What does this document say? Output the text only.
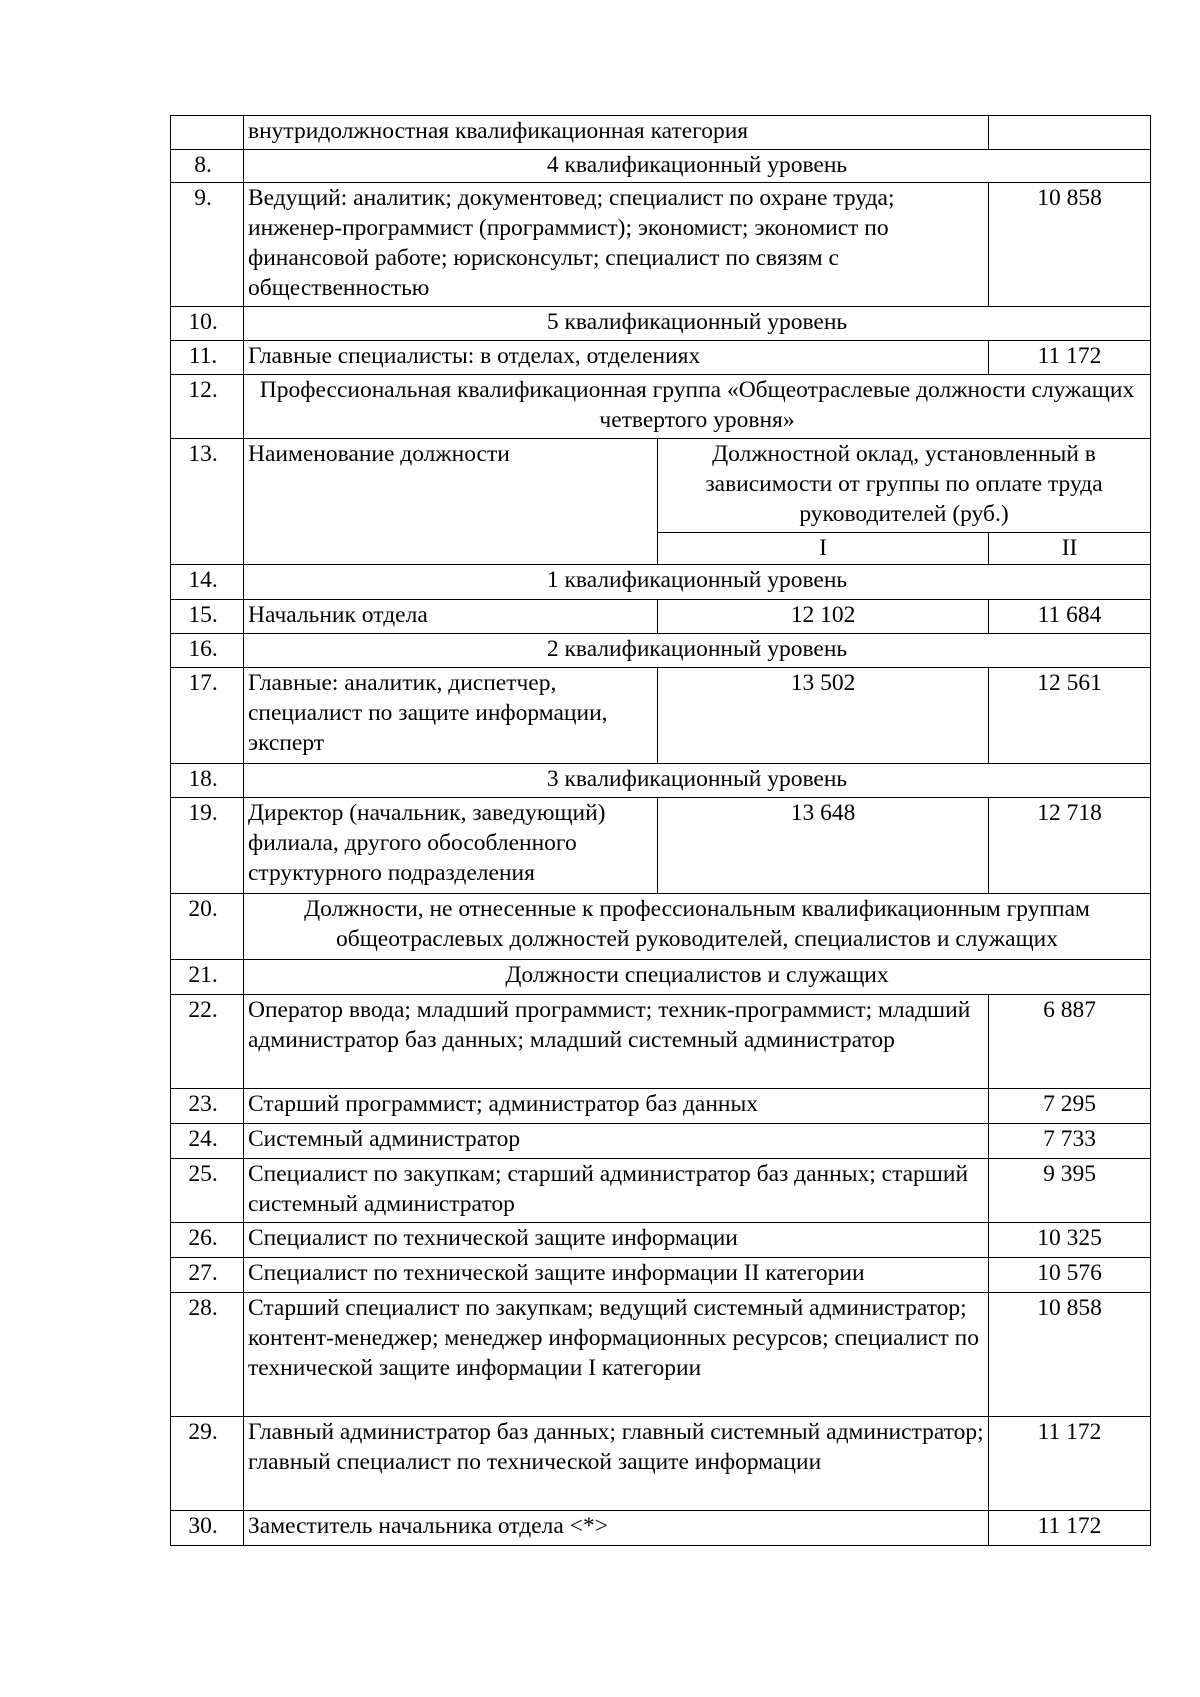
	внутридолжностная квалификационная категория		
8.	4 квалификационный уровень		
9.	Ведущий: аналитик; документовед; специалист по охране труда; инженер-программист (программист); экономист; экономист по финансовой работе; юрисконсульт; специалист по связям с общественностью		10 858
10.	5 квалификационный уровень		
11.	Главные специалисты: в отделах, отделениях		11 172
12.	Профессиональная квалификационная группа «Общеотраслевые должности служащих четвертого уровня»		
13.	Наименование должности	Должностной оклад, установленный в зависимости от группы по оплате труда руководителей (руб.)	
		I	II
14.	1 квалификационный уровень		
15.	Начальник отдела	12 102	11 684
16.	2 квалификационный уровень		
17.	Главные: аналитик, диспетчер, специалист по защите информации, эксперт	13 502	12 561
18.	3 квалификационный уровень		
19.	Директор (начальник, заведующий) филиала, другого обособленного структурного подразделения	13 648	12 718
20.	Должности, не отнесенные к профессиональным квалификационным группам общеотраслевых должностей руководителей, специалистов и служащих		
21.	Должности специалистов и служащих		
22.	Оператор ввода; младший программист; техник-программист; младший администратор баз данных; младший системный администратор		6 887
23.	Старший программист; администратор баз данных		7 295
24.	Системный администратор		7 733
25.	Специалист по закупкам; старший администратор баз данных; старший системный администратор		9 395
26.	Специалист по технической защите информации		10 325
27.	Специалист по технической защите информации II категории		10 576
28.	Старший специалист по закупкам; ведущий системный администратор; контент-менеджер; менеджер информационных ресурсов; специалист по технической защите информации I категории		10 858
29.	Главный администратор баз данных; главный системный администратор; главный специалист по технической защите информации		11 172
30.	Заместитель начальника отдела <*>		11 172
